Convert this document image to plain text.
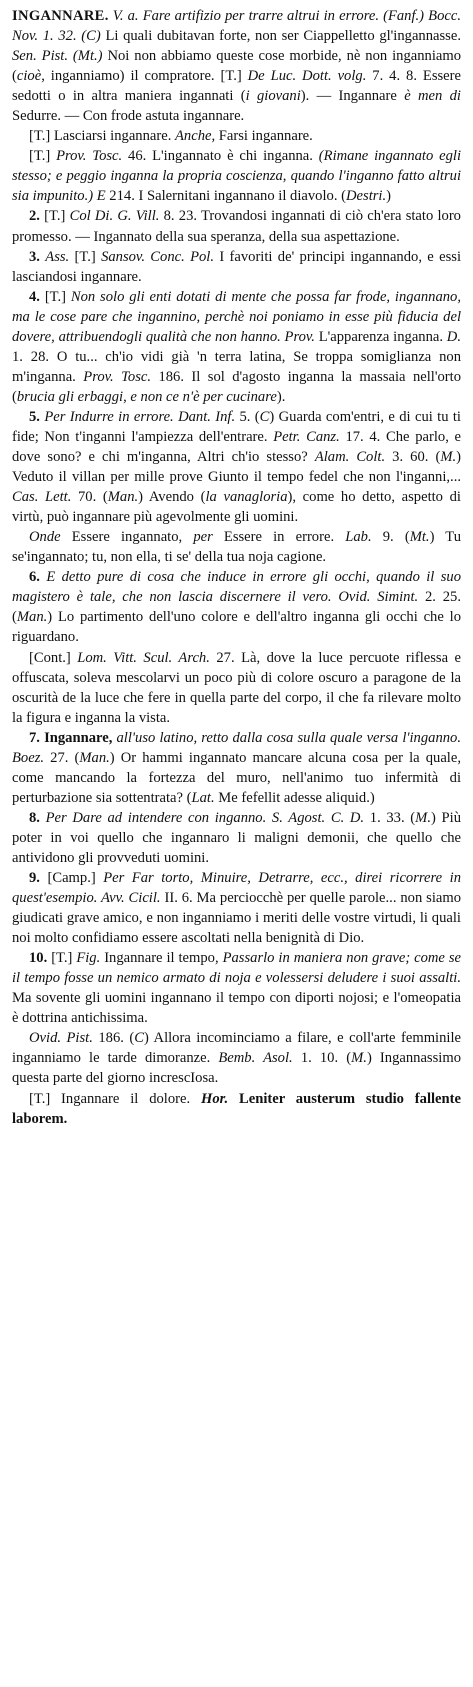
INGANNARE. V. a. Fare artifizio per trarre altrui in errore. (Fanf.) Bocc. Nov. 1. 32. (C) Li quali dubitavan forte, non ser Ciappelletto gl'ingannasse. Sen. Pist. (Mt.) Noi non abbiamo queste cose morbide, nè non inganniamo (cioè, inganniamo) il compratore. [T.] De Luc. Dott. volg. 7. 4. 8. Essere sedotti o in altra maniera ingannati (i giovani). — Ingannare è men di Sedurre. — Con frode astuta ingannare.

[T.] Lasciarsi ingannare. Anche, Farsi ingannare.

[T.] Prov. Tosc. 46. L'ingannato è chi inganna. (Rimane ingannato egli stesso; e peggio inganna la propria coscienza, quando l'inganno fatto altrui sia impunito.) E 214. I Salernitani ingannano il diavolo. (Destri.)

2. [T.] Col Di. G. Vill. 8. 23. Trovandosi ingannati di ciò ch'era stato loro promesso. — Ingannato della sua speranza, della sua aspettazione.

3. Ass. [T.] Sansov. Conc. Pol. I favoriti de' principi ingannando, e essi lasciandosi ingannare.

4. [T.] Non solo gli enti dotati di mente che possa far frode, ingannano, ma le cose pare che ingannino, perchè noi poniamo in esse più fiducia del dovere, attribuendogli qualità che non hanno. Prov. L'apparenza inganna. D. 1. 28. O tu... ch'io vidi già 'n terra latina, Se troppa somiglianza non m'inganna. Prov. Tosc. 186. Il sol d'agosto inganna la massaia nell'orto (brucia gli erbaggi, e non ce n'è per cucinare).

5. Per Indurre in errore. Dant. Inf. 5. (C) Guarda com'entri, e di cui tu ti fide; Non t'inganni l'ampiezza dell'entrare. Petr. Canz. 17. 4. Che parlo, e dove sono? e chi m'inganna, Altri ch'io stesso? Alam. Colt. 3. 60. (M.) Veduto il villan per mille prove Giunto il tempo fedel che non l'inganni,... Cas. Lett. 70. (Man.) Avendo (la vanagloria), come ho detto, aspetto di virtù, può ingannare più agevolmente gli uomini.

Onde Essere ingannato, per Essere in errore. Lab. 9. (Mt.) Tu se'ingannato; tu, non ella, ti se' della tua noja cagione.

6. E detto pure di cosa che induce in errore gli occhi, quando il suo magistero è tale, che non lascia discernere il vero. Ovid. Simint. 2. 25. (Man.) Lo partimento dell'uno colore e dell'altro inganna gli occhi che lo riguardano.

[Cont.] Lom. Vitt. Scul. Arch. 27. Là, dove la luce percuote riflessa e offuscata, soleva mescolarvi un poco più di colore oscuro a paragone de la oscurità de la luce che fere in quella parte del corpo, il che fa rilevare molto la figura e inganna la vista.

7. Ingannare, all'uso latino, retto dalla cosa sulla quale versa l'inganno. Boez. 27. (Man.) Or hammi ingannato mancare alcuna cosa per la quale, come mancando la fortezza del muro, nell'animo tuo infermità di perturbazione sia sottentrata? (Lat. Me fefellit adesse aliquid.)

8. Per Dare ad intendere con inganno. S. Agost. C. D. 1. 33. (M.) Più poter in voi quello che ingannaro li maligni demonii, che quello che antividono gli provveduti uomini.

9. [Camp.] Per Far torto, Minuire, Detrarre, ecc., direi ricorrere in quest'esempio. Avv. Cicil. II. 6. Ma perciocchè per quelle parole... non siamo giudicati grave amico, e non inganniamo i meriti delle vostre virtudi, li quali noi molto confidiamo essere ascoltati nella benignità di Dio.

10. [T.] Fig. Ingannare il tempo, Passarlo in maniera non grave; come se il tempo fosse un nemico armato di noja e volessersi deludere i suoi assalti. Ma sovente gli uomini ingannano il tempo con diporti nojosi; e l'omeopatia è dottrina antichissima.

Ovid. Pist. 186. (C) Allora incominciamo a filare, e coll'arte femminile inganniamo le tarde dimoranze. Bemb. Asol. 1. 10. (M.) Ingannassimo questa parte del giorno increscIosa.

[T.] Ingannare il dolore. Hor. Leniter austerum studio fallente laborem.
